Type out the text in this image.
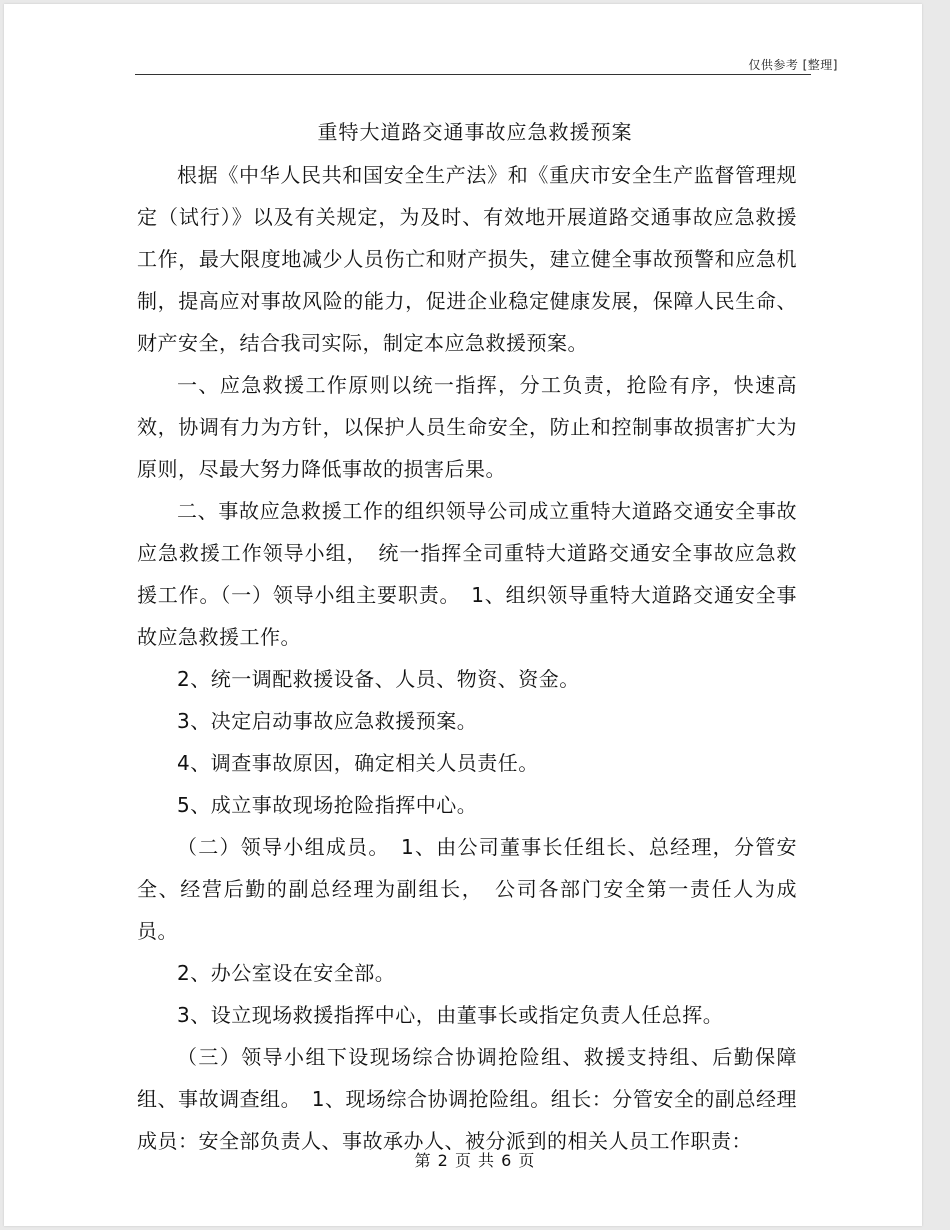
仅供参考 [整理]
重特大道路交通事故应急救援预案

根据《中华人民共和国安全生产法》和《重庆市安全生产监督管理规定（试行）》以及有关规定，为及时、有效地开展道路交通事故应急救援工作，最大限度地减少人员伤亡和财产损失，建立健全事故预警和应急机制，提高应对事故风险的能力，促进企业稳定健康发展，保障人民生命、财产安全，结合我司实际，制定本应急救援预案。

一、应急救援工作原则以统一指挥，分工负责，抢险有序，快速高效，协调有力为方针，以保护人员生命安全，防止和控制事故损害扩大为原则，尽最大努力降低事故的损害后果。

二、事故应急救援工作的组织领导公司成立重特大道路交通安全事故应急救援工作领导小组，　统一指挥全司重特大道路交通安全事故应急救援工作。（一）领导小组主要职责。　1、组织领导重特大道路交通安全事故应急救援工作。

2、统一调配救援设备、人员、物资、资金。

3、决定启动事故应急救援预案。

4、调查事故原因，确定相关人员责任。

5、成立事故现场抢险指挥中心。

（二）领导小组成员。　1、由公司董事长任组长、总经理，分管安全、经营后勤的副总经理为副组长，　公司各部门安全第一责任人为成员。

2、办公室设在安全部。

3、设立现场救援指挥中心，由董事长或指定负责人任总挥。

（三）领导小组下设现场综合协调抢险组、救援支持组、后勤保障组、事故调查组。　1、现场综合协调抢险组。组长：分管安全的副总经理成员：安全部负责人、事故承办人、被分派到的相关人员工作职责：

第 2 页 共 6 页
